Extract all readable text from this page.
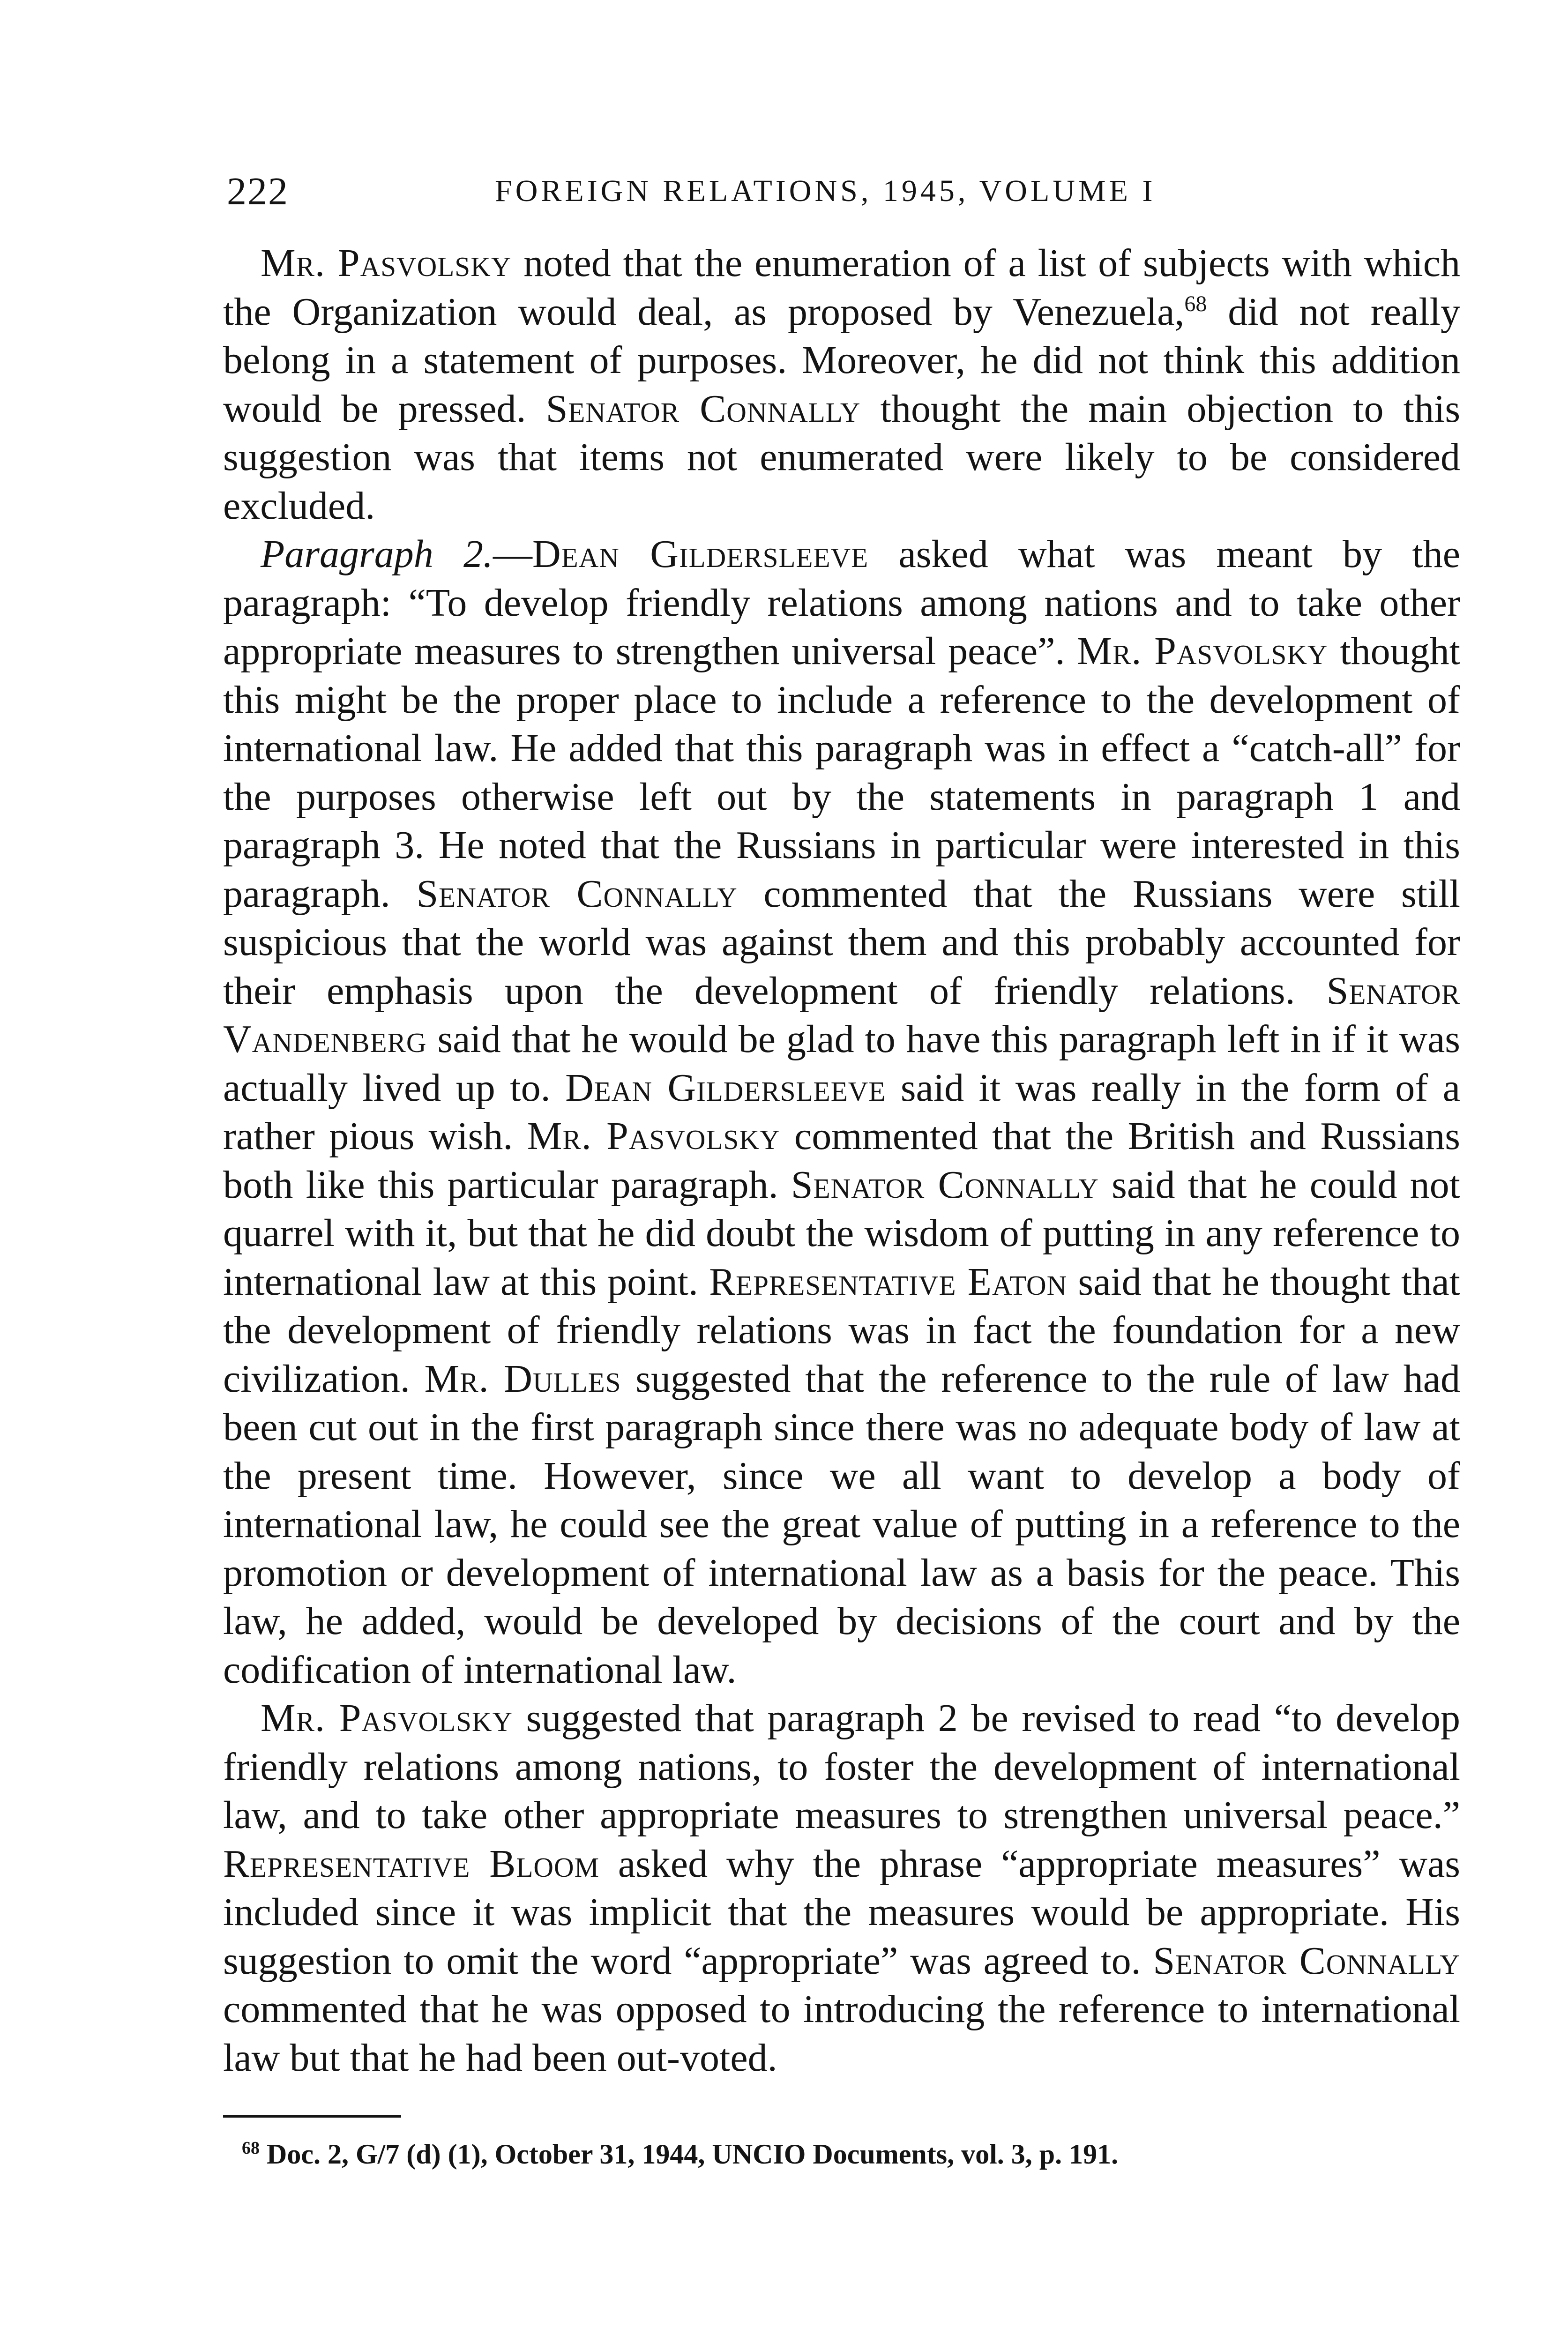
222	FOREIGN RELATIONS, 1945, VOLUME I

Mr. Pasvolsky noted that the enumeration of a list of subjects with which the Organization would deal, as proposed by Venezuela,$^{68}$ did not really belong in a statement of purposes. Moreover, he did not think this addition would be pressed. Senator Connally thought the main objection to this suggestion was that items not enumerated were likely to be considered excluded.

Paragraph 2.—Dean Gildersleeve asked what was meant by the paragraph: “To develop friendly relations among nations and to take other appropriate measures to strengthen universal peace”. Mr. Pasvolsky thought this might be the proper place to include a reference to the development of international law. He added that this paragraph was in effect a “catch-all” for the purposes otherwise left out by the statements in paragraph 1 and paragraph 3. He noted that the Russians in particular were interested in this paragraph. Senator Connally commented that the Russians were still suspicious that the world was against them and this probably accounted for their emphasis upon the development of friendly relations. Senator Vandenberg said that he would be glad to have this paragraph left in if it was actually lived up to. Dean Gildersleeve said it was really in the form of a rather pious wish. Mr. Pasvolsky commented that the British and Russians both like this particular paragraph. Senator Connally said that he could not quarrel with it, but that he did doubt the wisdom of putting in any reference to international law at this point. Representative Eaton said that he thought that the development of friendly relations was in fact the foundation for a new civilization. Mr. Dulles suggested that the reference to the rule of law had been cut out in the first paragraph since there was no adequate body of law at the present time. However, since we all want to develop a body of international law, he could see the great value of putting in a reference to the promotion or development of international law as a basis for the peace. This law, he added, would be developed by decisions of the court and by the codification of international law.

Mr. Pasvolsky suggested that paragraph 2 be revised to read “to develop friendly relations among nations, to foster the development of international law, and to take other appropriate measures to strengthen universal peace.” Representative Bloom asked why the phrase “appropriate measures” was included since it was implicit that the measures would be appropriate. His suggestion to omit the word “appropriate” was agreed to. Senator Connally commented that he was opposed to introducing the reference to international law but that he had been out-voted.

$^{68}$ Doc. 2, G/7 (d) (1), October 31, 1944, UNCIO Documents, vol. 3, p. 191.
